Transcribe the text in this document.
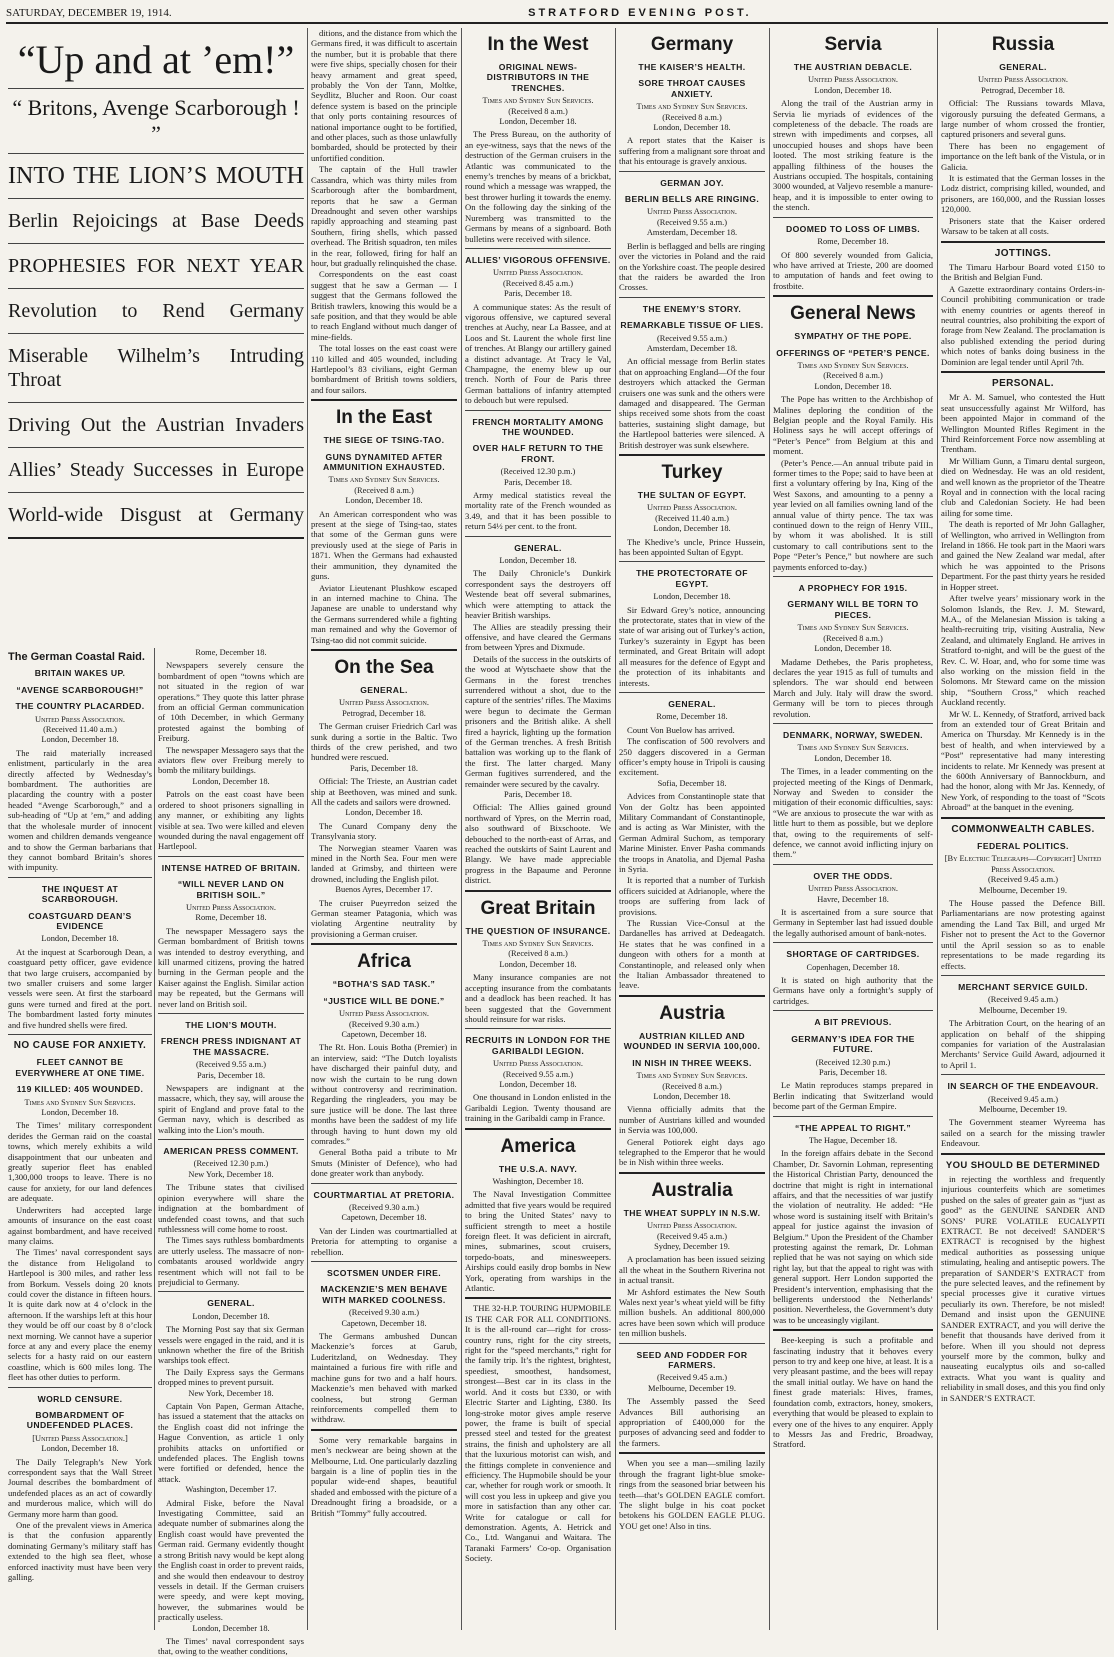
SATURDAY, DECEMBER 19, 1914.	STRATFORD EVENING POST.
“Up and at ’em!”
“ Britons, Avenge Scarborough ! ”
INTO THE LION’S MOUTH
Berlin Rejoicings at Base Deeds
PROPHESIES FOR NEXT YEAR
Revolution to Rend Germany
Miserable Wilhelm’s Intruding Throat
Driving Out the Austrian Invaders
Allies’ Steady Successes in Europe
World-wide Disgust at Germany
The German Coastal Raid.
BRITAIN WAKES UP.
“AVENGE SCARBOROUGH!”
THE COUNTRY PLACARDED.
United Press Association.
(Received 11.40 a.m.)
London, December 18.

The raid materially increased enlistment, particularly in the area directly affected by Wednesday’s bombardment. The authorities are placarding the country with a poster headed “Avenge Scarborough,” and a sub-heading of “Up at ’em,” and adding that the wholesale murder of innocent women and children demands vengeance and to show the German barbarians that they cannot bombard Britain’s shores with impunity.

THE INQUEST AT SCARBOROUGH.
COASTGUARD DEAN’S EVIDENCE
London, December 18.

At the inquest at Scarborough Dean, a coastguard petty officer, gave evidence that two large cruisers, accompanied by two smaller cruisers and some larger vessels were seen. At first the starboard guns were turned and fired at the port. The bombardment lasted forty minutes and five hundred shells were fired.

NO CAUSE FOR ANXIETY.
FLEET CANNOT BE EVERYWHERE AT ONE TIME.
119 KILLED: 405 WOUNDED.
Times and Sydney Sun Services.
London, December 18.

The Times’ military correspondent derides the German raid on the coastal towns, which merely exhibits a wild disappointment that our unbeaten and greatly superior fleet has enabled 1,300,000 troops to leave. There is no cause for anxiety, for our land defences are adequate.

Underwriters had accepted large amounts of insurance on the east coast against bombardment, and have received many claims.

The Times’ naval correspondent says the distance from Heligoland to Hartlepool is 300 miles, and rather less from Borkum. Vessels doing 20 knots could cover the distance in fifteen hours. It is quite dark now at 4 o’clock in the afternoon. If the warships left at this hour they would be off our coast by 8 o’clock next morning. We cannot have a superior force at any and every place the enemy selects for a hasty raid on our eastern coastline, which is 600 miles long. The fleet has other duties to perform.

WORLD CENSURE.
BOMBARDMENT OF UNDEFENDED PLACES.
[United Press Association.]
London, December 18.

The Daily Telegraph’s New York correspondent says that the Wall Street Journal describes the bombardment of undefended places as an act of cowardly and murderous malice, which will do Germany more harm than good.

One of the prevalent views in America is that the confusion apparently dominating Germany’s military staff has extended to the high sea fleet, whose enforced inactivity must have been very galling.

Rome, December 18.

Newspapers severely censure the bombardment of open “towns which are not situated in the region of war operations.” They quote this latter phrase from an official German communication of 10th December, in which Germany protested against the bombing of Freiburg.

The newspaper Messagero says that the aviators flew over Freiburg merely to bomb the military buildings.

London, December 18.

Patrols on the east coast have been ordered to shoot prisoners signalling in any manner, or exhibiting any lights visible at sea. Two were killed and eleven wounded during the naval engagement off Hartlepool.

INTENSE HATRED OF BRITAIN.
“WILL NEVER LAND ON BRITISH SOIL.”
United Press Association.
Rome, December 18.

The newspaper Messagero says the German bombardment of British towns was intended to destroy everything, and kill unarmed citizens, proving the hatred burning in the German people and the Kaiser against the English. Similar action may be repeated, but the Germans will never land on British soil.

THE LION’S MOUTH.
FRENCH PRESS INDIGNANT AT THE MASSACRE.
(Received 9.55 a.m.)
Paris, December 18.

Newspapers are indignant at the massacre, which, they say, will arouse the spirit of England and prove fatal to the German navy, which is described as walking into the Lion’s mouth.

AMERICAN PRESS COMMENT.
(Received 12.30 p.m.)
New York, December 18.

The Tribune states that civilised opinion everywhere will share the indignation at the bombardment of undefended coast towns, and that such ruthlessness will come home to roost.

The Times says ruthless bombardments are utterly useless. The massacre of non-combatants aroused worldwide angry resentment which will not fail to be prejudicial to Germany.

GENERAL.
London, December 18.

The Morning Post say that six German vessels were engaged in the raid, and it is unknown whether the fire of the British warships took effect.

The Daily Express says the Germans dropped mines to prevent pursuit.

New York, December 18.

Captain Von Papen, German Attache, has issued a statement that the attacks on the English coast did not infringe the Hague Convention, as article 1 only prohibits attacks on unfortified or undefended places. The English towns were fortified or defended, hence the attack.

Washington, December 17.

Admiral Fiske, before the Naval Investigating Committee, said an adequate number of submarines along the English coast would have prevented the German raid. Germany evidently thought a strong British navy would be kept along the English coast in order to prevent raids, and she would then endeavour to destroy vessels in detail. If the German cruisers were speedy, and were kept moving, however, the submarines would be practically useless.

London, December 18.

The Times’ naval correspondent says that, owing to the weather conditions,

ditions, and the distance from which the Germans fired, it was difficult to ascertain the number, but it is probable that there were five ships, specially chosen for their heavy armament and great speed, probably the Von der Tann, Moltke, Seydlitz, Blucher and Roon. Our coast defence system is based on the principle that only ports containing resources of national importance ought to be fortified, and other places, such as those unlawfully bombarded, should be protected by their unfortified condition.

The captain of the Hull trawler Cassandra, which was thirty miles from Scarborough after the bombardment, reports that he saw a German Dreadnought and seven other warships rapidly approaching and steaming past Southern, firing shells, which passed overhead. The British squadron, ten miles in the rear, followed, firing for half an hour, but gradually relinquished the chase.

Correspondents on the east coast suggest that he saw a German — I suggest that the Germans followed the British trawlers, knowing this would be a safe position, and that they would be able to reach England without much danger of mine-fields.

The total losses on the east coast were 110 killed and 405 wounded, including Hartlepool’s 83 civilians, eight German bombardment of British towns soldiers, and four sailors.

In the East
THE SIEGE OF TSING-TAO.
GUNS DYNAMITED AFTER AMMUNITION EXHAUSTED.
Times and Sydney Sun Services.
(Received 8 a.m.)
London, December 18.

An American correspondent who was present at the siege of Tsing-tao, states that some of the German guns were previously used at the siege of Paris in 1871. When the Germans had exhausted their ammunition, they dynamited the guns.

Aviator Lieutenant Plushkow escaped in an interned machine to China. The Japanese are unable to understand why the Germans surrendered while a fighting man remained and why the Governor of Tsing-tao did not commit suicide.

On the Sea
GENERAL.
United Press Association.
Petrograd, December 18.

The German cruiser Friedrich Carl was sunk during a sortie in the Baltic. Two thirds of the crew perished, and two hundred were rescued.

Paris, December 18.

Official: The Trieste, an Austrian cadet ship at Beethoven, was mined and sunk. All the cadets and sailors were drowned.

London, December 18.

The Cunard Company deny the Transylvania story.

The Norwegian steamer Vaaren was mined in the North Sea. Four men were landed at Grimsby, and thirteen were drowned, including the English pilot.

Buenos Ayres, December 17.

The cruiser Pueyrredon seized the German steamer Patagonia, which was violating Argentine neutrality by provisioning a German cruiser.

Africa
“BOTHA’S SAD TASK.”
“JUSTICE WILL BE DONE.”
United Press Association.
(Received 9.30 a.m.)
Capetown, December 18.

The Rt. Hon. Louis Botha (Premier) in an interview, said: “The Dutch loyalists have discharged their painful duty, and now wish the curtain to be rung down without controversy and recrimination. Regarding the ringleaders, you may be sure justice will be done. The last three months have been the saddest of my life through having to hunt down my old comrades.”

General Botha paid a tribute to Mr Smuts (Minister of Defence), who had done greater work than anybody.

COURTMARTIAL AT PRETORIA.
(Received 9.30 a.m.)
Capetown, December 18.

Van der Linden was courtmartialled at Pretoria for attempting to organise a rebellion.

SCOTSMEN UNDER FIRE.
MACKENZIE’S MEN BEHAVE WITH MARKED COOLNESS.
(Received 9.30 a.m.)
Capetown, December 18.

The Germans ambushed Duncan Mackenzie’s forces at Garub, Luderitzland, on Wednesday. They maintained a furious fire with rifle and machine guns for two and a half hours. Mackenzie’s men behaved with marked coolness, but strong German reinforcements compelled them to withdraw.

Some very remarkable bargains in men’s neckwear are being shown at the Melbourne, Ltd. One particularly dazzling bargain is a line of poplin ties in the popular wide-end shapes, beautiful shaded and embossed with the picture of a Dreadnought firing a broadside, or a British “Tommy” fully accoutred.

In the West
ORIGINAL NEWS-DISTRIBUTORS IN THE TRENCHES.
Times and Sydney Sun Services.
(Received 8 a.m.)
London, December 18.

The Press Bureau, on the authority of an eye-witness, says that the news of the destruction of the German cruisers in the Atlantic was communicated to the enemy’s trenches by means of a brickbat, round which a message was wrapped, the best thrower hurling it towards the enemy. On the following day the sinking of the Nuremberg was transmitted to the Germans by means of a signboard. Both bulletins were received with silence.

ALLIES’ VIGOROUS OFFENSIVE.
United Press Association.
(Received 8.45 a.m.)
Paris, December 18.

A communique states: As the result of vigorous offensive, we captured several trenches at Auchy, near La Bassee, and at Loos and St. Laurent the whole first line of trenches. At Blangy our artillery gained a distinct advantage. At Tracy le Val, Champagne, the enemy blew up our trench. North of Four de Paris three German battalions of infantry attempted to debouch but were repulsed.

FRENCH MORTALITY AMONG THE WOUNDED.
OVER HALF RETURN TO THE FRONT.
(Received 12.30 p.m.)
Paris, December 18.

Army medical statistics reveal the mortality rate of the French wounded as 3.49, and that it has been possible to return 54½ per cent. to the front.

GENERAL.
London, December 18.

The Daily Chronicle’s Dunkirk correspondent says the destroyers off Westende beat off several submarines, which were attempting to attack the heavier British warships.

The Allies are steadily pressing their offensive, and have cleared the Germans from between Ypres and Dixmude.

Details of the success in the outskirts of the wood at Wytschaete show that the Germans in the forest trenches surrendered without a shot, due to the capture of the sentries’ rifles. The Maxims were begun to decimate the German prisoners and the British alike. A shell fired a hayrick, lighting up the formation of the German trenches. A fresh British battalion was working up to the flank of the first. The latter charged. Many German fugitives surrendered, and the remainder were secured by the cavalry.

Paris, December 18.

Official: The Allies gained ground northward of Ypres, on the Merrin road, also southward of Bixschoote. We debouched to the north-east of Arras, and reached the outskirts of Saint Laurent and Blangy. We have made appreciable progress in the Bapaume and Peronne district.

Great Britain
THE QUESTION OF INSURANCE.
Times and Sydney Sun Services.
(Received 8 a.m.)
London, December 18.

Many insurance companies are not accepting insurance from the combatants and a deadlock has been reached. It has been suggested that the Government should reinsure for war risks.

RECRUITS IN LONDON FOR THE GARIBALDI LEGION.
United Press Association.
(Received 9.55 a.m.)
London, December 18.

One thousand in London enlisted in the Garibaldi Legion. Twenty thousand are training in the Garibaldi camp in France.

America
THE U.S.A. NAVY.
Washington, December 18.

The Naval Investigation Committee admitted that five years would be required to bring the United States’ navy to sufficient strength to meet a hostile foreign fleet. It was deficient in aircraft, mines, submarines, scout cruisers, torpedo-boats, and minesweepers. Airships could easily drop bombs in New York, operating from warships in the Atlantic.

THE 32-H.P. TOURING HUPMOBILE IS THE CAR FOR ALL CONDITIONS. It is the all-round car—right for cross-country runs, right for the city streets, right for the “speed merchants,” right for the family trip. It’s the rightest, brightest, speediest, smoothest, handsomest, strongest—Best car in its class in the world. And it costs but £330, or with Electric Starter and Lighting, £380. Its long-stroke motor gives ample reserve power, the frame is built of special pressed steel and tested for the greatest strains, the finish and upholstery are all that the luxurious motorist can wish, and the fittings complete in convenience and efficiency. The Hupmobile should be your car, whether for rough work or smooth. It will cost you less in upkeep and give you more in satisfaction than any other car. Write for catalogue or call for demonstration. Agents, A. Hetrick and Co., Ltd. Wanganui and Waitara. The Taranaki Farmers’ Co-op. Organisation Society.

Germany
THE KAISER’S HEALTH.
SORE THROAT CAUSES ANXIETY.
Times and Sydney Sun Services.
(Received 8 a.m.)
London, December 18.

A report states that the Kaiser is suffering from a malignant sore throat and that his entourage is gravely anxious.

GERMAN JOY.
BERLIN BELLS ARE RINGING.
United Press Association.
(Received 9.55 a.m.)
Amsterdam, December 18.

Berlin is beflagged and bells are ringing over the victories in Poland and the raid on the Yorkshire coast. The people desired that the raiders be awarded the Iron Crosses.

THE ENEMY’S STORY.
REMARKABLE TISSUE OF LIES.
(Received 9.55 a.m.)
Amsterdam, December 18.

An official message from Berlin states that on approaching England—Of the four destroyers which attacked the German cruisers one was sunk and the others were damaged and disappeared. The German ships received some shots from the coast batteries, sustaining slight damage, but the Hartlepool batteries were silenced. A British destroyer was sunk elsewhere.

Turkey
THE SULTAN OF EGYPT.
United Press Association.
(Received 11.40 a.m.)
London, December 18.

The Khedive’s uncle, Prince Hussein, has been appointed Sultan of Egypt.

THE PROTECTORATE OF EGYPT.
London, December 18.

Sir Edward Grey’s notice, announcing the protectorate, states that in view of the state of war arising out of Turkey’s action, Turkey’s suzerainty in Egypt has been terminated, and Great Britain will adopt all measures for the defence of Egypt and the protection of its inhabitants and interests.

GENERAL.
Rome, December 18.

Count Von Buelow has arrived.

The confiscation of 500 revolvers and 250 daggers discovered in a German officer’s empty house in Tripoli is causing excitement.

Sofia, December 18.

Advices from Constantinople state that Von der Goltz has been appointed Military Commandant of Constantinople, and is acting as War Minister, with the German Admiral Suchom, as temporary Marine Minister. Enver Pasha commands the troops in Anatolia, and Djemal Pasha in Syria.

It is reported that a number of Turkish officers suicided at Adrianople, where the troops are suffering from lack of provisions.

The Russian Vice-Consul at the Dardanelles has arrived at Dedeagatch. He states that he was confined in a dungeon with others for a month at Constantinople, and released only when the Italian Ambassador threatened to leave.

Austria
AUSTRIAN KILLED AND WOUNDED IN SERVIA 100,000.
IN NISH IN THREE WEEKS.
Times and Sydney Sun Services.
(Received 8 a.m.)
London, December 18.

Vienna officially admits that the number of Austrians killed and wounded in Servia was 100,000.

General Potiorek eight days ago telegraphed to the Emperor that he would be in Nish within three weeks.

Australia
THE WHEAT SUPPLY IN N.S.W.
United Press Association.
(Received 9.45 a.m.)
Sydney, December 19.

A proclamation has been issued seizing all the wheat in the Southern Riverina not in actual transit.

Mr Ashford estimates the New South Wales next year’s wheat yield will be fifty million bushels. An additional 800,000 acres have been sown which will produce ten million bushels.

SEED AND FODDER FOR FARMERS.
(Received 9.45 a.m.)
Melbourne, December 19.

The Assembly passed the Seed Advances Bill authorising an appropriation of £400,000 for the purposes of advancing seed and fodder to the farmers.

When you see a man—smiling lazily through the fragrant light-blue smoke-rings from the seasoned briar between his teeth—that’s GOLDEN EAGLE comfort. The slight bulge in his coat pocket betokens his GOLDEN EAGLE PLUG. YOU get one! Also in tins.

Servia
THE AUSTRIAN DEBACLE.
United Press Association.
London, December 18.

Along the trail of the Austrian army in Servia lie myriads of evidences of the completeness of the debacle. The roads are strewn with impediments and corpses, all unoccupied houses and shops have been looted. The most striking feature is the appalling filthiness of the houses the Austrians occupied. The hospitals, containing 3000 wounded, at Valjevo resemble a manure-heap, and it is impossible to enter owing to the stench.

DOOMED TO LOSS OF LIMBS.
Rome, December 18.

Of 800 severely wounded from Galicia, who have arrived at Trieste, 200 are doomed to amputation of hands and feet owing to frostbite.

General News
SYMPATHY OF THE POPE.
OFFERINGS OF “PETER’S PENCE.
Times and Sydney Sun Services.
(Received 8 a.m.)
London, December 18.

The Pope has written to the Archbishop of Malines deploring the condition of the Belgian people and the Royal Family. His Holiness says he will accept offerings of “Peter’s Pence” from Belgium at this and moment.

(Peter’s Pence.—An annual tribute paid in former times to the Pope; said to have been at first a voluntary offering by Ina, King of the West Saxons, and amounting to a penny a year levied on all families owning land of the annual value of thirty pence. The tax was continued down to the reign of Henry VIII., by whom it was abolished. It is still customary to call contributions sent to the Pope “Peter’s Pence,” but nowhere are such payments enforced to-day.)

A PROPHECY FOR 1915.
GERMANY WILL BE TORN TO PIECES.
Times and Sydney Sun Services.
(Received 8 a.m.)
London, December 18.

Madame Dethebes, the Paris prophetess, declares the year 1915 as full of tumults and splendors. The war should end between March and July. Italy will draw the sword. Germany will be torn to pieces through revolution.

DENMARK, NORWAY, SWEDEN.
Times and Sydney Sun Services.
London, December 18.

The Times, in a leader commenting on the projected meeting of the Kings of Denmark, Norway and Sweden to consider the mitigation of their economic difficulties, says: “We are anxious to prosecute the war with as little hurt to them as possible, but we deplore that, owing to the requirements of self-defence, we cannot avoid inflicting injury on them.”

OVER THE ODDS.
United Press Association.
Havre, December 18.

It is ascertained from a sure source that Germany in September last had issued double the legally authorised amount of bank-notes.

SHORTAGE OF CARTRIDGES.
Copenhagen, December 18.

It is stated on high authority that the Germans have only a fortnight’s supply of cartridges.

A BIT PREVIOUS.
GERMANY’S IDEA FOR THE FUTURE.
(Received 12.30 p.m.)
Paris, December 18.

Le Matin reproduces stamps prepared in Berlin indicating that Switzerland would become part of the German Empire.

“THE APPEAL TO RIGHT.”
The Hague, December 18.

In the foreign affairs debate in the Second Chamber, Dr. Savornin Lohman, representing the Historical Christian Party, denounced the doctrine that might is right in international affairs, and that the necessities of war justify the violation of neutrality. He added: “He whose word is sustaining itself with Britain’s appeal for justice against the invasion of Belgium.” Upon the President of the Chamber protesting against the remark, Dr. Lohman replied that he was not saying on which side right lay, but that the appeal to right was with general support. Herr London supported the President’s intervention, emphasising that the belligerents understood the Netherlands’ position. Nevertheless, the Government’s duty was to be unceasingly vigilant.

Bee-keeping is such a profitable and fascinating industry that it behoves every person to try and keep one hive, at least. It is a very pleasant pastime, and the bees will repay the small initial outlay. We have on hand the finest grade materials: Hives, frames, foundation comb, extractors, honey, smokers, everything that would be pleased to explain to every one of the hives to any enquirer. Apply to Messrs Jas and Fredric, Broadway, Stratford.

Russia
GENERAL.
United Press Association.
Petrograd, December 18.

Official: The Russians towards Mlava, vigorously pursuing the defeated Germans, a large number of whom crossed the frontier, captured prisoners and several guns.

There has been no engagement of importance on the left bank of the Vistula, or in Galicia.

It is estimated that the German losses in the Lodz district, comprising killed, wounded, and prisoners, are 160,000, and the Russian losses 120,000.

Prisoners state that the Kaiser ordered Warsaw to be taken at all costs.

JOTTINGS.

The Timaru Harbour Board voted £150 to the British and Belgian Fund.

A Gazette extraordinary contains Orders-in-Council prohibiting communication or trade with enemy countries or agents thereof in neutral countries, also prohibiting the export of forage from New Zealand. The proclamation is also published extending the period during which notes of banks doing business in the Dominion are legal tender until April 7th.

PERSONAL.

Mr A. M. Samuel, who contested the Hutt seat unsuccessfully against Mr Wilford, has been appointed Major in command of the Wellington Mounted Rifles Regiment in the Third Reinforcement Force now assembling at Trentham.

Mr William Gunn, a Timaru dental surgeon, died on Wednesday. He was an old resident, and well known as the proprietor of the Theatre Royal and in connection with the local racing club and Caledonian Society. He had been ailing for some time.

The death is reported of Mr John Gallagher, of Wellington, who arrived in Wellington from Ireland in 1866. He took part in the Maori wars and gained the New Zealand war medal, after which he was appointed to the Prisons Department. For the past thirty years he resided in Hopper street.

After twelve years’ missionary work in the Solomon Islands, the Rev. J. M. Steward, M.A., of the Melanesian Mission is taking a health-recruiting trip, visiting Australia, New Zealand, and ultimately England. He arrives in Stratford to-night, and will be the guest of the Rev. C. W. Hoar, and, who for some time was also working on the mission field in the Solomons. Mr Steward came on the mission ship, “Southern Cross,” which reached Auckland recently.

Mr W. L. Kennedy, of Stratford, arrived back from an extended tour of Great Britain and America on Thursday. Mr Kennedy is in the best of health, and when interviewed by a “Post” representative had many interesting incidents to relate. Mr Kennedy was present at the 600th Anniversary of Bannockburn, and had the honor, along with Mr Jas. Kennedy, of New York, of responding to the toast of “Scots Abroad” at the banquet in the evening.

COMMONWEALTH CABLES.
FEDERAL POLITICS.
[By Electric Telegraph—Copyright] United Press Association.
(Received 9.45 a.m.)
Melbourne, December 19.

The House passed the Defence Bill. Parliamentarians are now protesting against amending the Land Tax Bill, and urged Mr Fisher not to present the Act to the Governor until the April session so as to enable representations to be made regarding its effects.

MERCHANT SERVICE GUILD.
(Received 9.45 a.m.)
Melbourne, December 19.

The Arbitration Court, on the hearing of an application on behalf of the shipping companies for variation of the Australasian Merchants’ Service Guild Award, adjourned it to April 1.

IN SEARCH OF THE ENDEAVOUR.
(Received 9.45 a.m.)
Melbourne, December 19.

The Government steamer Wyreema has sailed on a search for the missing trawler Endeavour.

YOU SHOULD BE DETERMINED

in rejecting the worthless and frequently injurious counterfeits which are sometimes pushed on the sales of greater gain as “just as good” as the GENUINE SANDER AND SONS’ PURE VOLATILE EUCALYPTI EXTRACT. Be not deceived! SANDER’S EXTRACT is recognised by the highest medical authorities as possessing unique stimulating, healing and antiseptic powers. The preparation of SANDER’S EXTRACT from the pure selected leaves, and the refinement by special processes give it curative virtues peculiarly its own. Therefore, be not misled! Demand and insist upon the GENUINE SANDER EXTRACT, and you will derive the benefit that thousands have derived from it before. When ill you should not depress yourself more by the common, bulky and nauseating eucalyptus oils and so-called extracts. What you want is quality and reliability in small doses, and this you find only in SANDER’S EXTRACT.
